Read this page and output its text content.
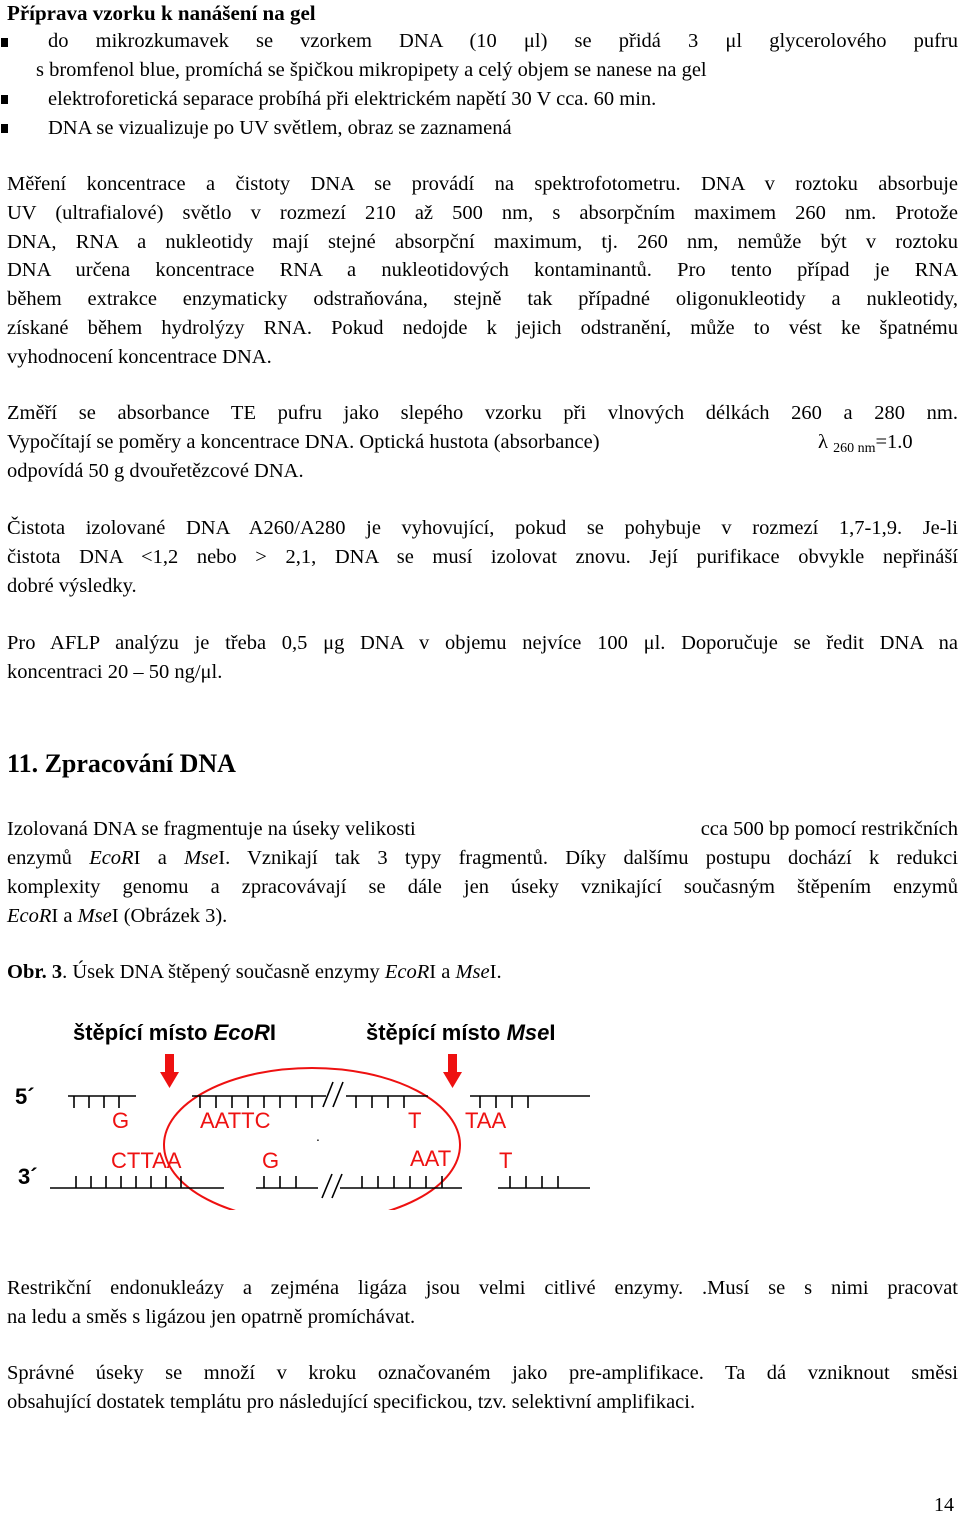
Příprava vzorku k nanášení na gel
do mikrozkumavek se vzorkem DNA (10 μl) se přidá 3 μl glycerolového pufru
s bromfenol blue, promíchá se špičkou mikropipety a celý objem se nanese na gel
elektroforetická separace probíhá při elektrickém napětí 30 V cca. 60 min.
DNA se vizualizuje po UV světlem, obraz se zaznamená
Měření koncentrace a čistoty DNA se provádí na spektrofotometru. DNA v roztoku absorbuje
UV (ultrafialové) světlo v rozmezí 210 až 500 nm, s absorpčním maximem 260 nm. Protože
DNA, RNA a nukleotidy mají stejné absorpční maximum, tj. 260 nm, nemůže být v roztoku
DNA určena koncentrace RNA a nukleotidových kontaminantů. Pro tento případ je RNA
během extrakce enzymaticky odstraňována, stejně tak případné oligonukleotidy a nukleotidy,
získané během hydrolýzy RNA. Pokud nedojde k jejich odstranění, může to vést ke špatnému
vyhodnocení koncentrace DNA.
Změří se absorbance TE pufru jako slepého vzorku při vlnových délkách 260 a 280 nm.
Vypočítají se poměry a koncentrace DNA. Optická hustota (absorbance)	λ 260 nm=1.0
odpovídá 50 g dvouřetězcové DNA.
Čistota izolované DNA A260/A280 je vyhovující, pokud se pohybuje v rozmezí 1,7-1,9. Je-li
čistota DNA <1,2 nebo > 2,1, DNA se musí izolovat znovu. Její purifikace obvykle nepřináší
dobré výsledky.
Pro AFLP analýzu je třeba 0,5 μg DNA v objemu nejvíce 100 μl. Doporučuje se ředit DNA na
koncentraci 20 – 50 ng/μl.
11. Zpracování DNA
Izolovaná DNA se fragmentuje na úseky velikosti	cca 500 bp pomocí restrikčních
enzymů EcoRI a MseI. Vznikají tak 3 typy fragmentů. Díky dalšímu postupu dochází k redukci
komplexity genomu a zpracovávají se dále jen úseky vznikající současným štěpením enzymů
EcoRI a MseI (Obrázek 3).
Obr. 3. Úsek DNA štěpený současně enzymy EcoRI a MseI.
štěpící místo EcoRI	štěpící místo MseI
5´
3´
G	AATTC	T TAA
.
CTTAA	G	AAT T
Restrikční endonukleázy a zejména ligáza jsou velmi citlivé enzymy. .Musí se s nimi pracovat
na ledu a směs s ligázou jen opatrně promíchávat.
Správné úseky se množí v kroku označovaném jako pre-amplifikace. Ta dá vzniknout směsi
obsahující dostatek templátu pro následující specifickou, tzv. selektivní amplifikaci.
14
